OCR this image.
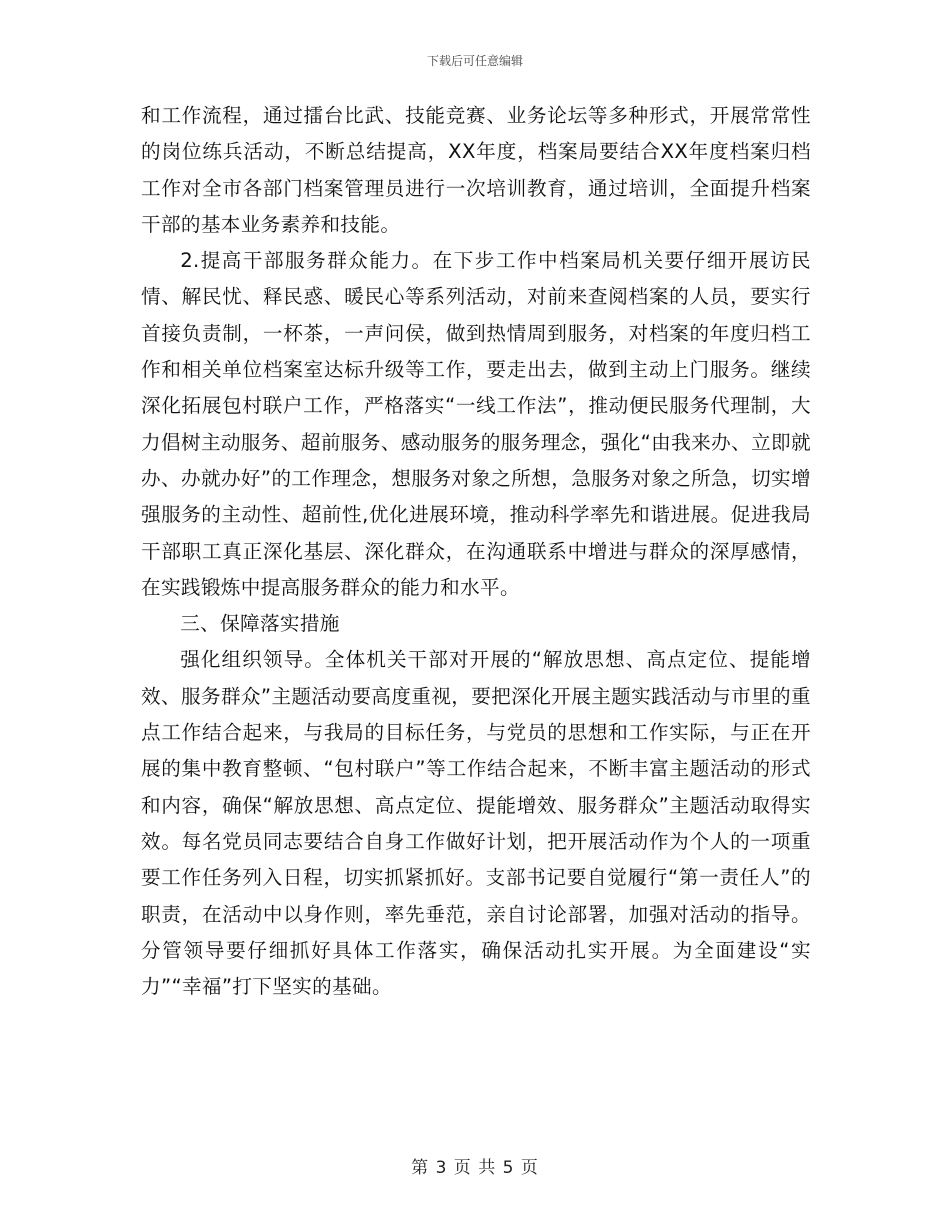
下载后可任意编辑

和工作流程，通过擂台比武、技能竞赛、业务论坛等多种形式，开展常常性的岗位练兵活动，不断总结提高，XX年度，档案局要结合XX年度档案归档工作对全市各部门档案管理员进行一次培训教育，通过培训，全面提升档案干部的基本业务素养和技能。

2.提高干部服务群众能力。在下步工作中档案局机关要仔细开展访民情、解民忧、释民惑、暖民心等系列活动，对前来查阅档案的人员，要实行首接负责制，一杯茶，一声问侯，做到热情周到服务，对档案的年度归档工作和相关单位档案室达标升级等工作，要走出去，做到主动上门服务。继续深化拓展包村联户工作，严格落实“一线工作法”，推动便民服务代理制，大力倡树主动服务、超前服务、感动服务的服务理念，强化“由我来办、立即就办、办就办好”的工作理念，想服务对象之所想，急服务对象之所急，切实增强服务的主动性、超前性,优化进展环境，推动科学率先和谐进展。促进我局干部职工真正深化基层、深化群众，在沟通联系中增进与群众的深厚感情，在实践锻炼中提高服务群众的能力和水平。

三、保障落实措施

强化组织领导。全体机关干部对开展的“解放思想、高点定位、提能增效、服务群众”主题活动要高度重视，要把深化开展主题实践活动与市里的重点工作结合起来，与我局的目标任务，与党员的思想和工作实际，与正在开展的集中教育整顿、“包村联户”等工作结合起来，不断丰富主题活动的形式和内容，确保“解放思想、高点定位、提能增效、服务群众”主题活动取得实效。每名党员同志要结合自身工作做好计划，把开展活动作为个人的一项重要工作任务列入日程，切实抓紧抓好。支部书记要自觉履行“第一责任人”的职责，在活动中以身作则，率先垂范，亲自讨论部署，加强对活动的指导。分管领导要仔细抓好具体工作落实，确保活动扎实开展。为全面建设“实力”“幸福”打下坚实的基础。

第 3 页 共 5 页
